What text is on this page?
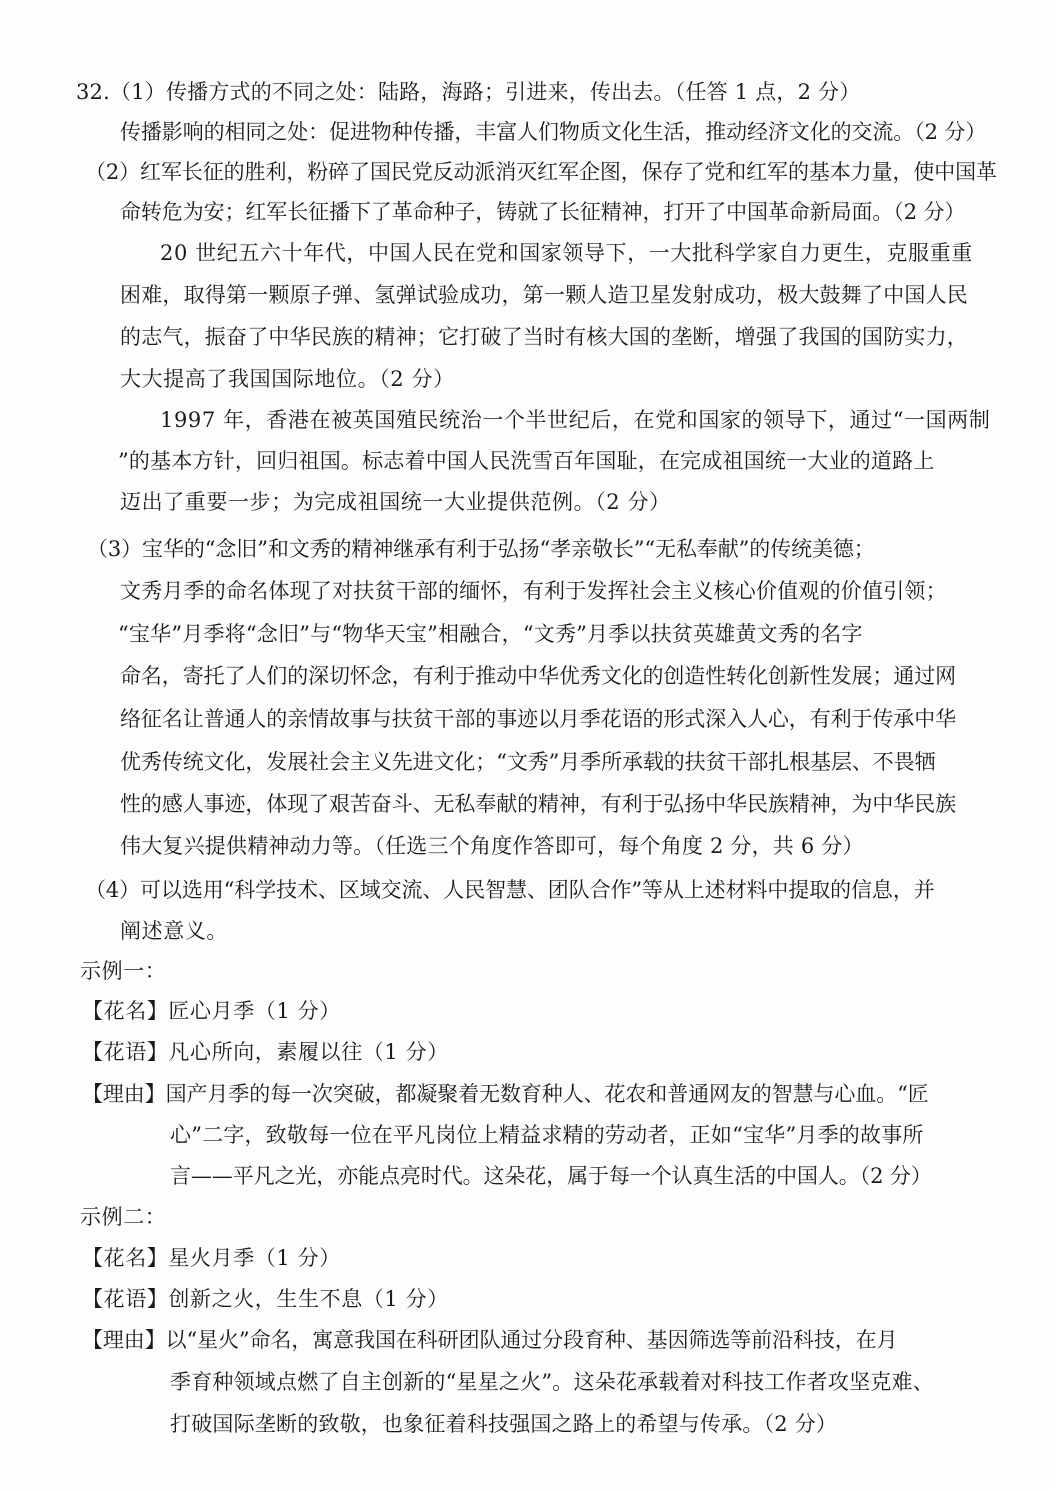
32.（1）传播方式的不同之处：陆路，海路；引进来，传出去。（任答 1 点，2 分）
传播影响的相同之处：促进物种传播，丰富人们物质文化生活，推动经济文化的交流。（2 分）
（2）红军长征的胜利，粉碎了国民党反动派消灭红军企图，保存了党和红军的基本力量，使中国革
命转危为安；红军长征播下了革命种子，铸就了长征精神，打开了中国革命新局面。（2 分）
20 世纪五六十年代，中国人民在党和国家领导下，一大批科学家自力更生，克服重重
困难，取得第一颗原子弹、氢弹试验成功，第一颗人造卫星发射成功，极大鼓舞了中国人民
的志气，振奋了中华民族的精神；它打破了当时有核大国的垄断，增强了我国的国防实力，
大大提高了我国国际地位。（2 分）
1997 年，香港在被英国殖民统治一个半世纪后，在党和国家的领导下，通过“一国两制
”的基本方针，回归祖国。标志着中国人民洗雪百年国耻，在完成祖国统一大业的道路上
迈出了重要一步；为完成祖国统一大业提供范例。（2 分）
（3）宝华的“念旧”和文秀的精神继承有利于弘扬“孝亲敬长”“无私奉献”的传统美德；
文秀月季的命名体现了对扶贫干部的缅怀，有利于发挥社会主义核心价值观的价值引领；
“宝华”月季将“念旧”与“物华天宝”相融合，“文秀”月季以扶贫英雄黄文秀的名字
命名，寄托了人们的深切怀念，有利于推动中华优秀文化的创造性转化创新性发展；通过网
络征名让普通人的亲情故事与扶贫干部的事迹以月季花语的形式深入人心，有利于传承中华
优秀传统文化，发展社会主义先进文化；“文秀”月季所承载的扶贫干部扎根基层、不畏牺
性的感人事迹，体现了艰苦奋斗、无私奉献的精神，有利于弘扬中华民族精神，为中华民族
伟大复兴提供精神动力等。（任选三个角度作答即可，每个角度 2 分，共 6 分）
（4）可以选用“科学技术、区域交流、人民智慧、团队合作”等从上述材料中提取的信息，并
阐述意义。
示例一：
【花名】匠心月季（1 分）
【花语】凡心所向，素履以往（1 分）
【理由】国产月季的每一次突破，都凝聚着无数育种人、花农和普通网友的智慧与心血。“匠
心”二字，致敬每一位在平凡岗位上精益求精的劳动者，正如“宝华”月季的故事所
言——平凡之光，亦能点亮时代。这朵花，属于每一个认真生活的中国人。（2 分）
示例二：
【花名】星火月季（1 分）
【花语】创新之火，生生不息（1 分）
【理由】以“星火”命名，寓意我国在科研团队通过分段育种、基因筛选等前沿科技，在月
季育种领域点燃了自主创新的“星星之火”。这朵花承载着对科技工作者攻坚克难、
打破国际垄断的致敬，也象征着科技强国之路上的希望与传承。（2 分）
